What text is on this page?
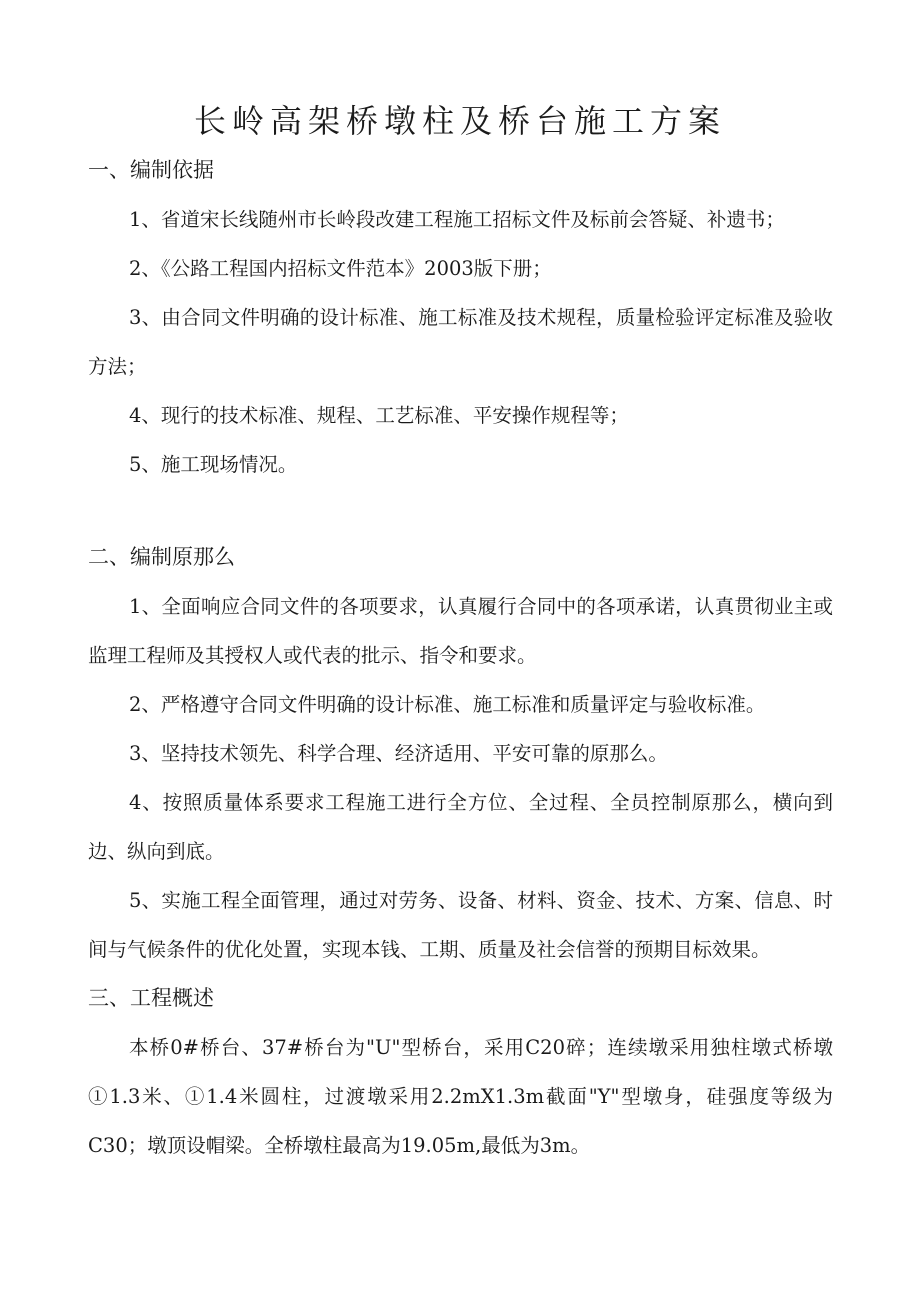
长岭高架桥墩柱及桥台施工方案
一、编制依据

1、省道宋长线随州市长岭段改建工程施工招标文件及标前会答疑、补遗书；

2、《公路工程国内招标文件范本》2003版下册；

3、由合同文件明确的设计标准、施工标准及技术规程，质量检验评定标准及验收方法；

4、现行的技术标准、规程、工艺标准、平安操作规程等；

5、施工现场情况。

二、编制原那么

1、全面响应合同文件的各项要求，认真履行合同中的各项承诺，认真贯彻业主或监理工程师及其授权人或代表的批示、指令和要求。

2、严格遵守合同文件明确的设计标准、施工标准和质量评定与验收标准。

3、坚持技术领先、科学合理、经济适用、平安可靠的原那么。

4、按照质量体系要求工程施工进行全方位、全过程、全员控制原那么，横向到边、纵向到底。

5、实施工程全面管理，通过对劳务、设备、材料、资金、技术、方案、信息、时间与气候条件的优化处置，实现本钱、工期、质量及社会信誉的预期目标效果。

三、工程概述

本桥0#桥台、37#桥台为"U"型桥台，采用C20碎；连续墩采用独柱墩式桥墩①1.3米、①1.4米圆柱，过渡墩采用2.2mX1.3m截面"Y"型墩身，硅强度等级为C30；墩顶设帽梁。全桥墩柱最高为19.05m,最低为3m。
